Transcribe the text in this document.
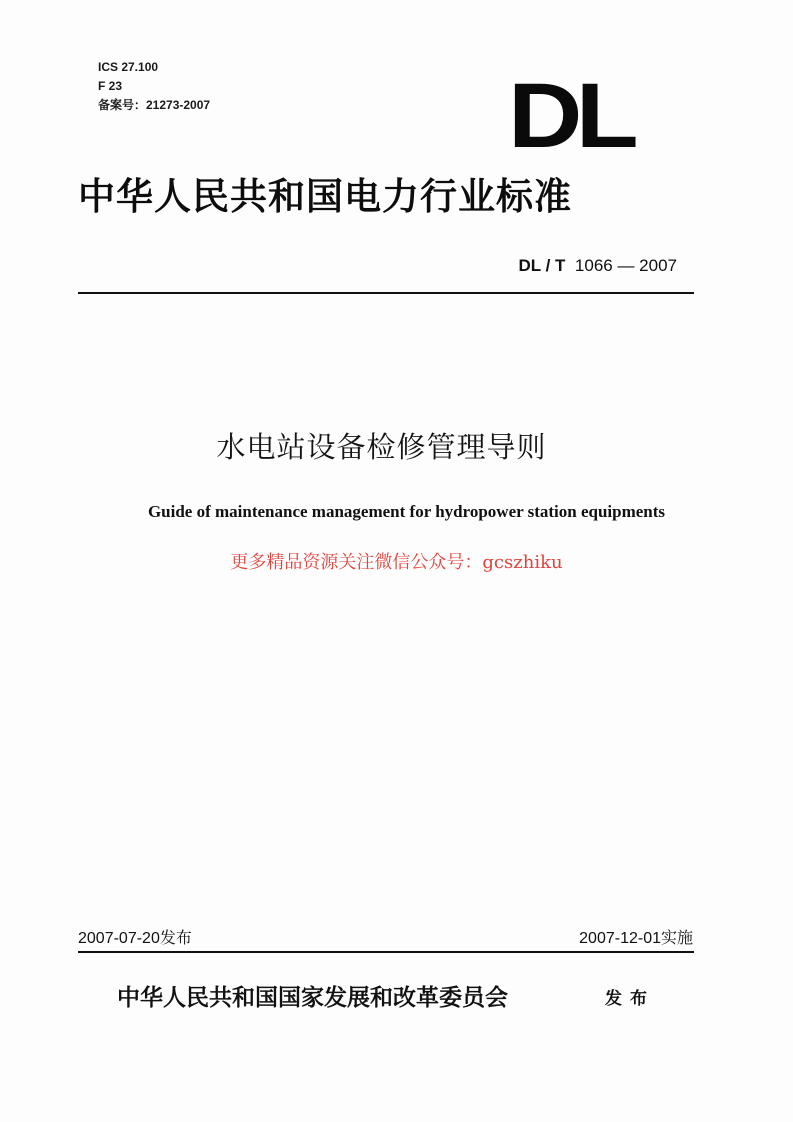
ICS 27.100
F 23
备案号：21273-2007	DL
中华人民共和国电力行业标准
DL / T 1066 — 2007
水电站设备检修管理导则
Guide of maintenance management for hydropower station equipments
更多精品资源关注微信公众号：gcszhiku
2007-07-20发布	2007-12-01实施
中华人民共和国国家发展和改革委员会	发布
